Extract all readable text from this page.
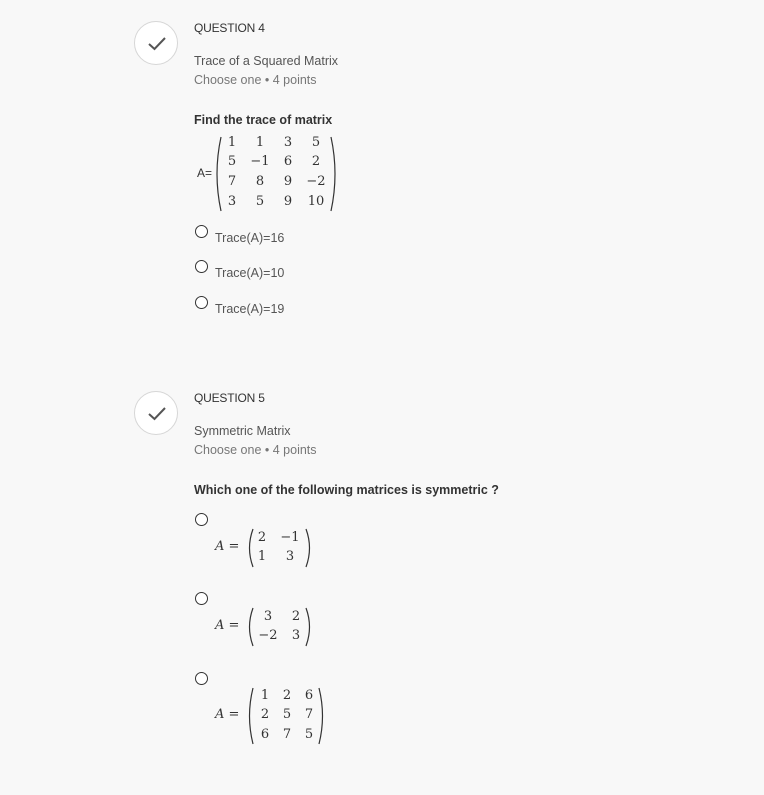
QUESTION 4
Trace of a Squared Matrix
Choose one • 4 points
Find the trace of matrix
A=
1	1	3	5
5	−1	6	2
7	8	9	−2
3	5	9	10
Trace(A)=16
Trace(A)=10
Trace(A)=19
QUESTION 5
Symmetric Matrix
Choose one • 4 points
Which one of the following matrices is symmetric ?
A =
2	−1
1	3
A =
3	2
−2	3
A =
1	2	6
2	5	7
6	7	5
